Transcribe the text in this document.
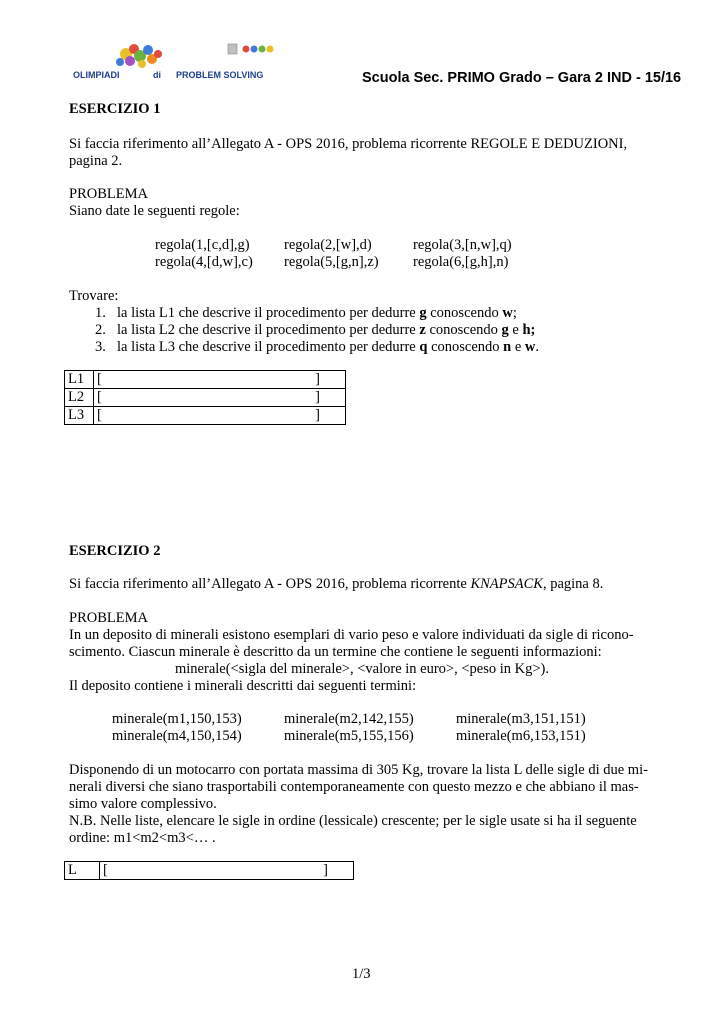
OLIMPIADI	di PROBLEM SOLVING	Scuola Sec. PRIMO Grado – Gara 2 IND - 15/16
ESERCIZIO 1
Si faccia riferimento all’Allegato A - OPS 2016, problema ricorrente REGOLE E DEDUZIONI,
pagina 2.
PROBLEMA
Siano date le seguenti regole:
regola(1,[c,d],g) regola(2,[w],d)	regola(3,[n,w],q)
regola(4,[d,w],c) regola(5,[g,n],z) regola(6,[g,h],n)
Trovare:
1. la lista L1 che descrive il procedimento per dedurre g conoscendo w;
2. la lista L2 che descrive il procedimento per dedurre z conoscendo g e h;
3. la lista L3 che descrive il procedimento per dedurre q conoscendo n e w.
L1	[ ]

L2	[ ]

L3	[ ]
ESERCIZIO 2
Si faccia riferimento all’Allegato A - OPS 2016, problema ricorrente KNAPSACK, pagina 8.
PROBLEMA
In un deposito di minerali esistono esemplari di vario peso e valore individuati da sigle di ricono-
scimento. Ciascun minerale è descritto da un termine che contiene le seguenti informazioni:
minerale(<sigla del minerale>, <valore in euro>, <peso in Kg>).
Il deposito contiene i minerali descritti dai seguenti termini:
minerale(m1,150,153)	minerale(m2,142,155)	minerale(m3,151,151)
minerale(m4,150,154)	minerale(m5,155,156)	minerale(m6,153,151)
Disponendo di un motocarro con portata massima di 305 Kg, trovare la lista L delle sigle di due mi-
nerali diversi che siano trasportabili contemporaneamente con questo mezzo e che abbiano il mas-
simo valore complessivo.
N.B. Nelle liste, elencare le sigle in ordine (lessicale) crescente; per le sigle usate si ha il seguente
ordine: m1<m2<m3<… .
L	[	]
1/3
